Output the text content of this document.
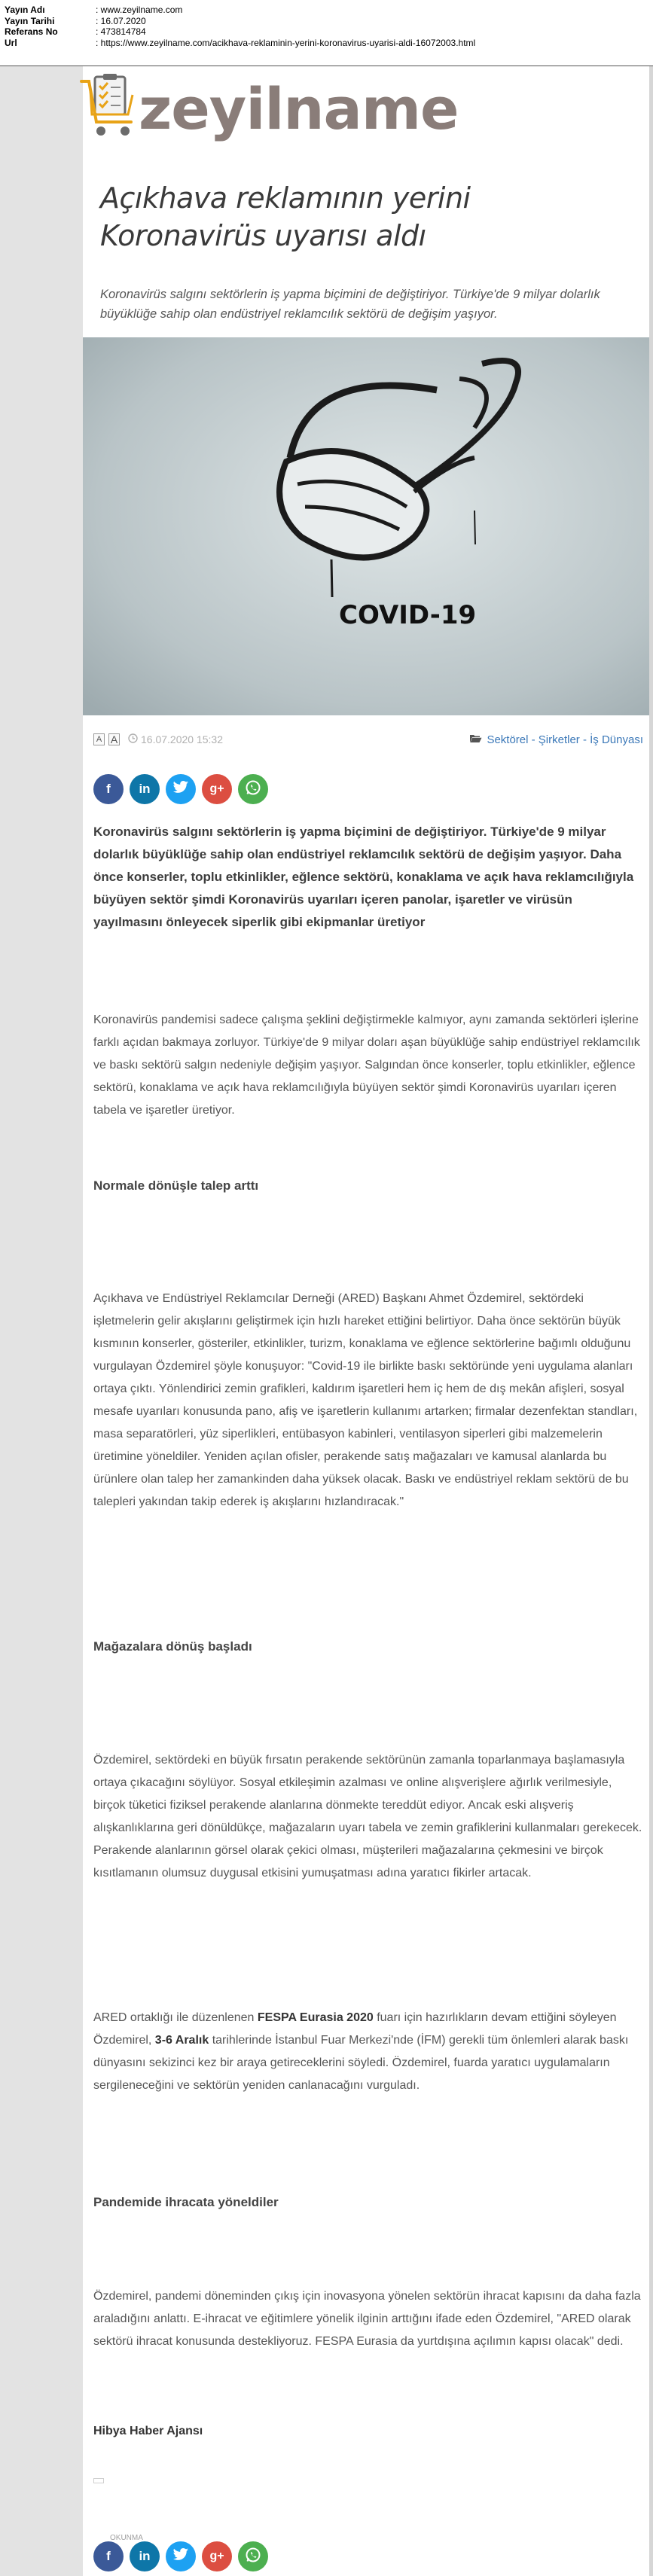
Yayın Adı	: www.zeyilname.com
Yayın Tarihi	: 16.07.2020
Referans No	: 473814784
Url	: https://www.zeyilname.com/acikhava-reklaminin-yerini-koronavirus-uyarisi-aldi-16072003.html
zeyilname
Açıkhava reklamının yerini Koronavirüs uyarısı aldı

Koronavirüs salgını sektörlerin iş yapma biçimini de değiştiriyor. Türkiye'de 9 milyar dolarlık büyüklüğe sahip olan endüstriyel reklamcılık sektörü de değişim yaşıyor.

COVID-19
A A 16.07.2020 15:32	Sektörel - Şirketler - İş Dünyası
f in	g+

Koronavirüs salgını sektörlerin iş yapma biçimini de değiştiriyor. Türkiye'de 9 milyar dolarlık büyüklüğe sahip olan endüstriyel reklamcılık sektörü de değişim yaşıyor. Daha önce konserler, toplu etkinlikler, eğlence sektörü, konaklama ve açık hava reklamcılığıyla büyüyen sektör şimdi Koronavirüs uyarıları içeren panolar, işaretler ve virüsün yayılmasını önleyecek siperlik gibi ekipmanlar üretiyor

Koronavirüs pandemisi sadece çalışma şeklini değiştirmekle kalmıyor, aynı zamanda sektörleri işlerine farklı açıdan bakmaya zorluyor. Türkiye'de 9 milyar doları aşan büyüklüğe sahip endüstriyel reklamcılık ve baskı sektörü salgın nedeniyle değişim yaşıyor. Salgından önce konserler, toplu etkinlikler, eğlence sektörü, konaklama ve açık hava reklamcılığıyla büyüyen sektör şimdi Koronavirüs uyarıları içeren tabela ve işaretler üretiyor.

Normale dönüşle talep arttı

Açıkhava ve Endüstriyel Reklamcılar Derneği (ARED) Başkanı Ahmet Özdemirel, sektördeki işletmelerin gelir akışlarını geliştirmek için hızlı hareket ettiğini belirtiyor. Daha önce sektörün büyük kısmının konserler, gösteriler, etkinlikler, turizm, konaklama ve eğlence sektörlerine bağımlı olduğunu vurgulayan Özdemirel şöyle konuşuyor: "Covid-19 ile birlikte baskı sektöründe yeni uygulama alanları ortaya çıktı. Yönlendirici zemin grafikleri, kaldırım işaretleri hem iç hem de dış mekân afişleri, sosyal mesafe uyarıları konusunda pano, afiş ve işaretlerin kullanımı artarken; firmalar dezenfektan standları, masa separatörleri, yüz siperlikleri, entübasyon kabinleri, ventilasyon siperleri gibi malzemelerin üretimine yöneldiler. Yeniden açılan ofisler, perakende satış mağazaları ve kamusal alanlarda bu ürünlere olan talep her zamankinden daha yüksek olacak. Baskı ve endüstriyel reklam sektörü de bu talepleri yakından takip ederek iş akışlarını hızlandıracak."

Mağazalara dönüş başladı

Özdemirel, sektördeki en büyük fırsatın perakende sektörünün zamanla toparlanmaya başlamasıyla ortaya çıkacağını söylüyor. Sosyal etkileşimin azalması ve online alışverişlere ağırlık verilmesiyle, birçok tüketici fiziksel perakende alanlarına dönmekte tereddüt ediyor. Ancak eski alışveriş alışkanlıklarına geri dönüldükçe, mağazaların uyarı tabela ve zemin grafiklerini kullanmaları gerekecek. Perakende alanlarının görsel olarak çekici olması, müşterileri mağazalarına çekmesini ve birçok kısıtlamanın olumsuz duygusal etkisini yumuşatması adına yaratıcı fikirler artacak.

ARED ortaklığı ile düzenlenen FESPA Eurasia 2020 fuarı için hazırlıkların devam ettiğini söyleyen Özdemirel, 3-6 Aralık tarihlerinde İstanbul Fuar Merkezi'nde (İFM) gerekli tüm önlemleri alarak baskı dünyasını sekizinci kez bir araya getireceklerini söyledi. Özdemirel, fuarda yaratıcı uygulamaların sergileneceğini ve sektörün yeniden canlanacağını vurguladı.

Pandemide ihracata yöneldiler

Özdemirel, pandemi döneminden çıkış için inovasyona yönelen sektörün ihracat kapısını da daha fazla araladığını anlattı. E-ihracat ve eğitimlere yönelik ilginin arttığını ifade eden Özdemirel, "ARED olarak sektörü ihracat konusunda destekliyoruz. FESPA Eurasia da yurtdışına açılımın kapısı olacak" dedi.

Hibya Haber Ajansı
OKUNMA
f in	g+
